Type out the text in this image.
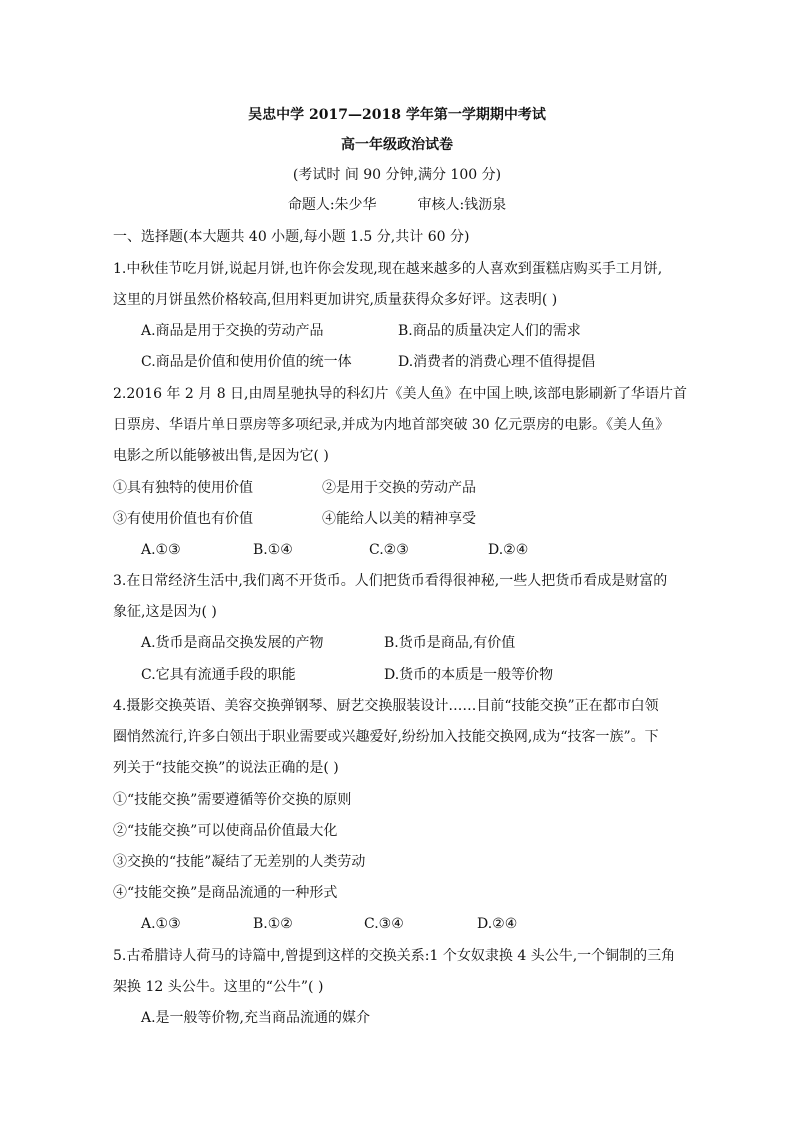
吴忠中学 2017—2018 学年第一学期期中考试
高一年级政治试卷
(考试时 间 90 分钟,满分 100 分)
命题人:朱少华	审核人:钱沥泉
一、选择题(本大题共 40 小题,每小题 1.5 分,共计 60 分)
1.中秋佳节吃月饼,说起月饼,也许你会发现,现在越来越多的人喜欢到蛋糕店购买手工月饼,
这里的月饼虽然价格较高,但用料更加讲究,质量获得众多好评。这表明( )
A.商品是用于交换的劳动产品	B.商品的质量决定人们的需求
C.商品是价值和使用价值的统一体	D.消费者的消费心理不值得提倡
2.2016 年 2 月 8 日,由周星驰执导的科幻片《美人鱼》在中国上映,该部电影刷新了华语片首
日票房、华语片单日票房等多项纪录,并成为内地首部突破 30 亿元票房的电影。《美人鱼》
电影之所以能够被出售,是因为它( )
①具有独特的使用价值	②是用于交换的劳动产品
③有使用价值也有价值	④能给人以美的精神享受
A.①③	B.①④	C.②③	D.②④
3.在日常经济生活中,我们离不开货币。人们把货币看得很神秘,一些人把货币看成是财富的
象征,这是因为( )
A.货币是商品交换发展的产物	B.货币是商品,有价值
C.它具有流通手段的职能	D.货币的本质是一般等价物
4.摄影交换英语、美容交换弹钢琴、厨艺交换服装设计……目前“技能交换”正在都市白领
圈悄然流行,许多白领出于职业需要或兴趣爱好,纷纷加入技能交换网,成为“技客一族”。下
列关于“技能交换”的说法正确的是( )
①“技能交换”需要遵循等价交换的原则
②“技能交换”可以使商品价值最大化
③交换的“技能”凝结了无差别的人类劳动
④“技能交换”是商品流通的一种形式
A.①③	B.①②	C.③④	D.②④
5.古希腊诗人荷马的诗篇中,曾提到这样的交换关系:1 个女奴隶换 4 头公牛,一个铜制的三角
架换 12 头公牛。这里的“公牛”( )
A.是一般等价物,充当商品流通的媒介
